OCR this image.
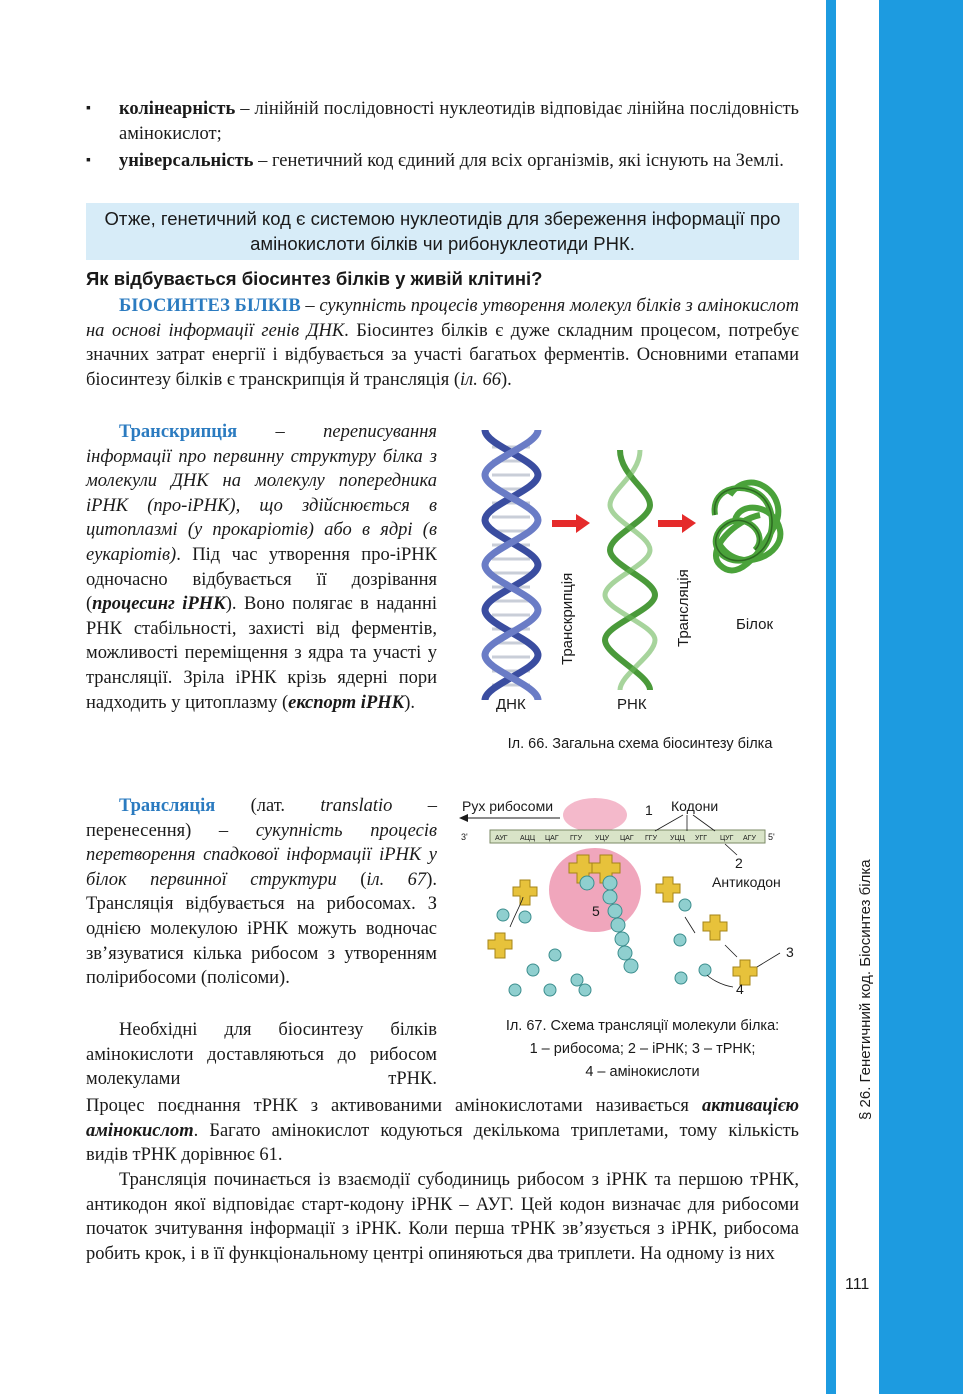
▪ колінеарність – лінійній послідовності нуклеотидів відповідає лінійна послідовність амінокислот;
▪ універсальність – генетичний код єдиний для всіх організмів, які існують на Землі.
Отже, генетичний код є системою нуклеотидів для збереження інформації про амінокислоти білків чи рибонуклеотиди РНК.
Як відбувається біосинтез білків у живій клітині?
БІОСИНТЕЗ БІЛКІВ – сукупність процесів утворення молекул білків з амінокислот на основі інформації генів ДНК. Біосинтез білків є дуже складним процесом, потребує значних затрат енергії і відбувається за участі багатьох ферментів. Основними етапами біосинтезу білків є транскрипція й трансляція (іл. 66).
Транскрипція – переписування інформації про первинну структуру білка з молекули ДНК на молекулу попередника іРНК (про-іРНК), що здійснюється в цитоплазмі (у прокаріотів) або в ядрі (в еукаріотів). Під час утворення про-іРНК одночасно відбувається її дозрівання (процесинг іРНК). Воно полягає в наданні РНК стабільності, захисті від ферментів, можливості переміщення з ядра та участі у трансляції. Зріла іРНК крізь ядерні пори надходить у цитоплазму (експорт іРНК).
Трансляція (лат. translatio – перенесення) – сукупність процесів перетворення спадкової інформації іРНК у білок первинної структури (іл. 67). Трансляція відбувається на рибосомах. З однією молекулою іРНК можуть водночас зв’язуватися кілька рибосом з утворенням полірибосоми (полісоми).
Необхідні для біосинтезу білків амінокислоти доставляються до рибосом молекулами тРНК.
Процес поєднання тРНК з активованими амінокислотами називається активацією амінокислот. Багато амінокислот кодуються декількома триплетами, тому кількість видів тРНК дорівнює 61.
Трансляція починається із взаємодії субодиниць рибосом з іРНК та першою тРНК, антикодон якої відповідає старт-кодону іРНК – АУГ. Цей кодон визначає для рибосоми початок зчитування інформації з іРНК. Коли перша тРНК зв’язується з іРНК, рибосома робить крок, і в її функціональному центрі опиняються два триплети. На одному із них
Транскрипція	Трансляція	Білок
ДНК	РНК
Іл. 66. Загальна схема біосинтезу білка
Рух рибосоми	1 Кодони
АУГ АЦЦ ЦАГ ГГУ УЦУ ЦАГ ГГУ УЦЦ УГГ ЦУГ АГУ
3'	5'
2
Антикодон
5
3
4
Іл. 67. Схема трансляції молекули білка:
1 – рибосома; 2 – іРНК; 3 – тРНК;
4 – амінокислоти	§ 26. Генетичний код. Біосинтез білка
111
